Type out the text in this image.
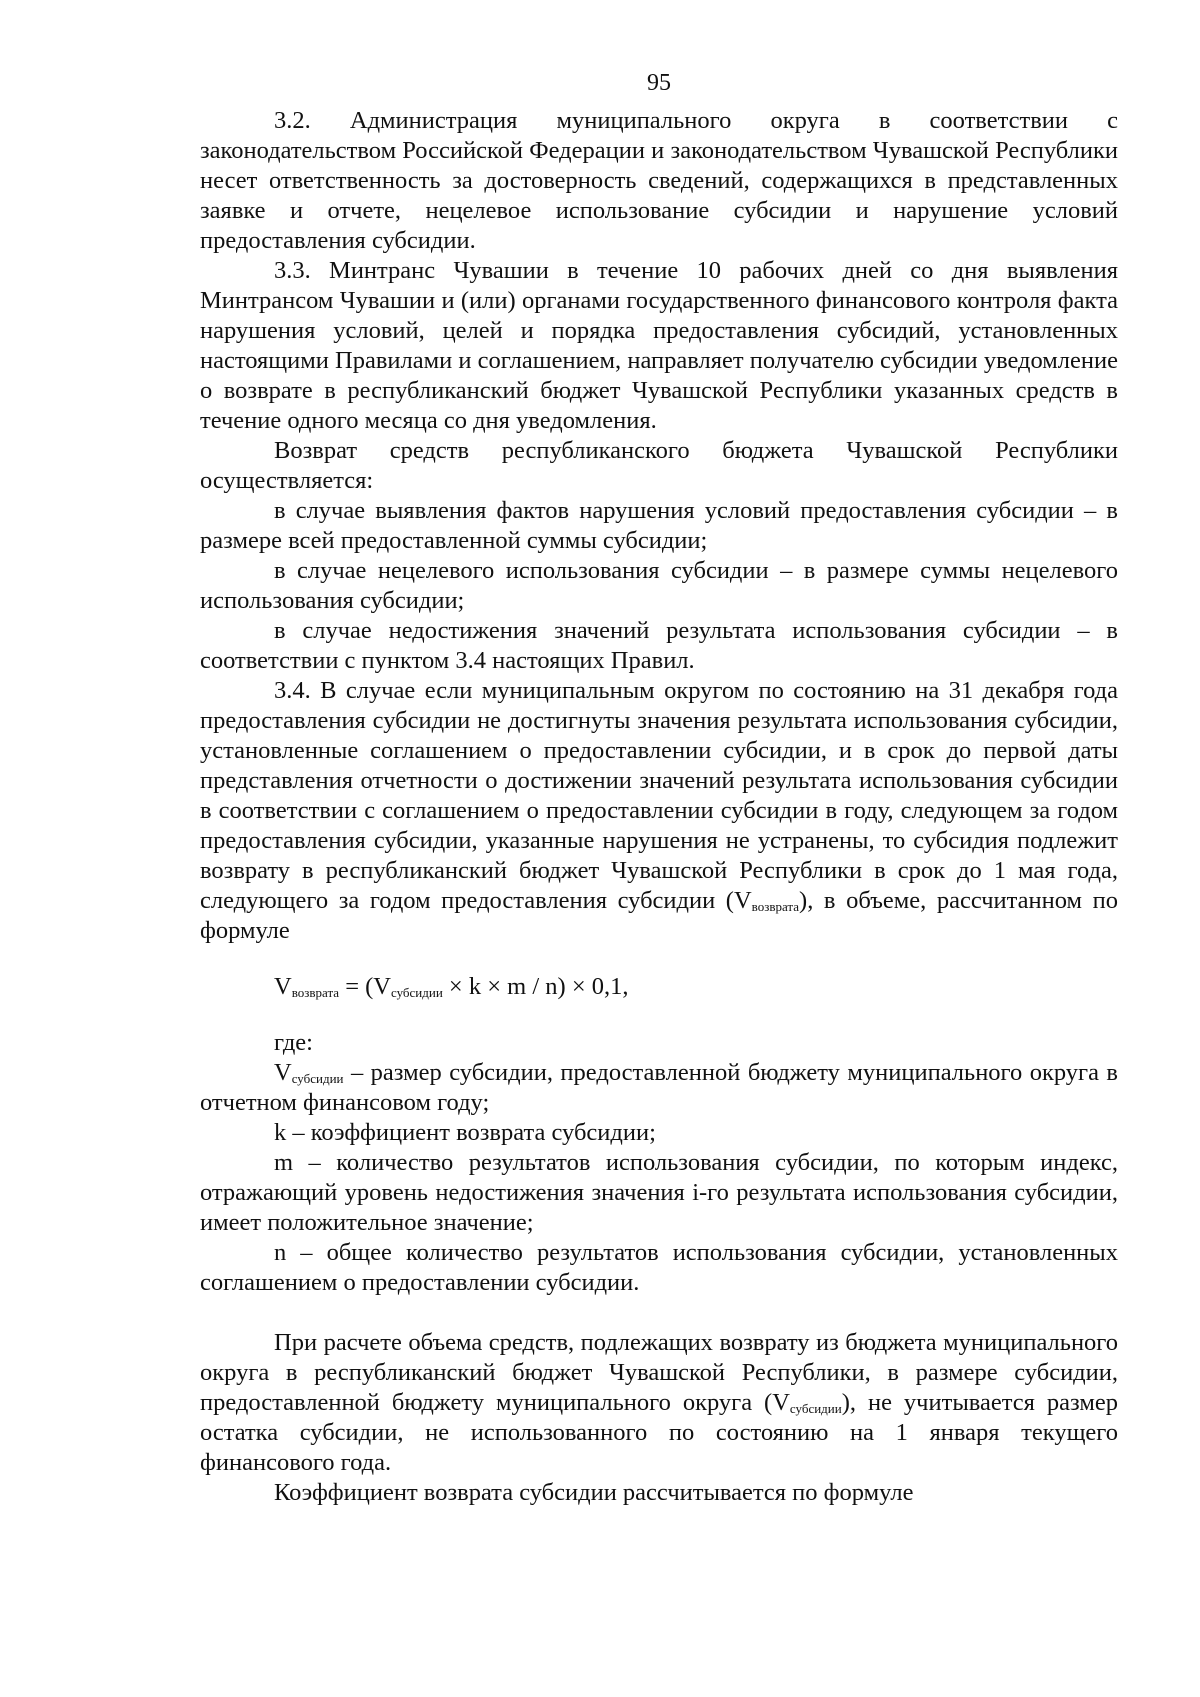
95

3.2. Администрация муниципального округа в соответствии с законодательством Российской Федерации и законодательством Чувашской Республики несет ответственность за достоверность сведений, содержащихся в представленных заявке и отчете, нецелевое использование субсидии и нарушение условий предоставления субсидии.

3.3. Минтранс Чувашии в течение 10 рабочих дней со дня выявления Минтрансом Чувашии и (или) органами государственного финансового контроля факта нарушения условий, целей и порядка предоставления субсидий, установленных настоящими Правилами и соглашением, направляет получателю субсидии уведомление о возврате в республиканский бюджет Чувашской Республики указанных средств в течение одного месяца со дня уведомления.

Возврат средств республиканского бюджета Чувашской Республики осуществляется:

в случае выявления фактов нарушения условий предоставления субсидии – в размере всей предоставленной суммы субсидии;

в случае нецелевого использования субсидии – в размере суммы нецелевого использования субсидии;

в случае недостижения значений результата использования субсидии – в соответствии с пунктом 3.4 настоящих Правил.

3.4. В случае если муниципальным округом по состоянию на 31 декабря года предоставления субсидии не достигнуты значения результата использования субсидии, установленные соглашением о предоставлении субсидии, и в срок до первой даты представления отчетности о достижении значений результата использования субсидии в соответствии с соглашением о предоставлении субсидии в году, следующем за годом предоставления субсидии, указанные нарушения не устранены, то субсидия подлежит возврату в республиканский бюджет Чувашской Республики в срок до 1 мая года, следующего за годом предоставления субсидии $(V_{возврата})$, в объеме, рассчитанном по формуле

$V_{возврата} = (V_{субсидии} \times k \times m / n) \times 0,1$,

где:

$V_{субсидии}$ – размер субсидии, предоставленной бюджету муниципального округа в отчетном финансовом году;

k – коэффициент возврата субсидии;

m – количество результатов использования субсидии, по которым индекс, отражающий уровень недостижения значения i-го результата использования субсидии, имеет положительное значение;

n – общее количество результатов использования субсидии, установленных соглашением о предоставлении субсидии.

При расчете объема средств, подлежащих возврату из бюджета муниципального округа в республиканский бюджет Чувашской Республики, в размере субсидии, предоставленной бюджету муниципального округа $(V_{субсидии})$, не учитывается размер остатка субсидии, не использованного по состоянию на 1 января текущего финансового года.

Коэффициент возврата субсидии рассчитывается по формуле
